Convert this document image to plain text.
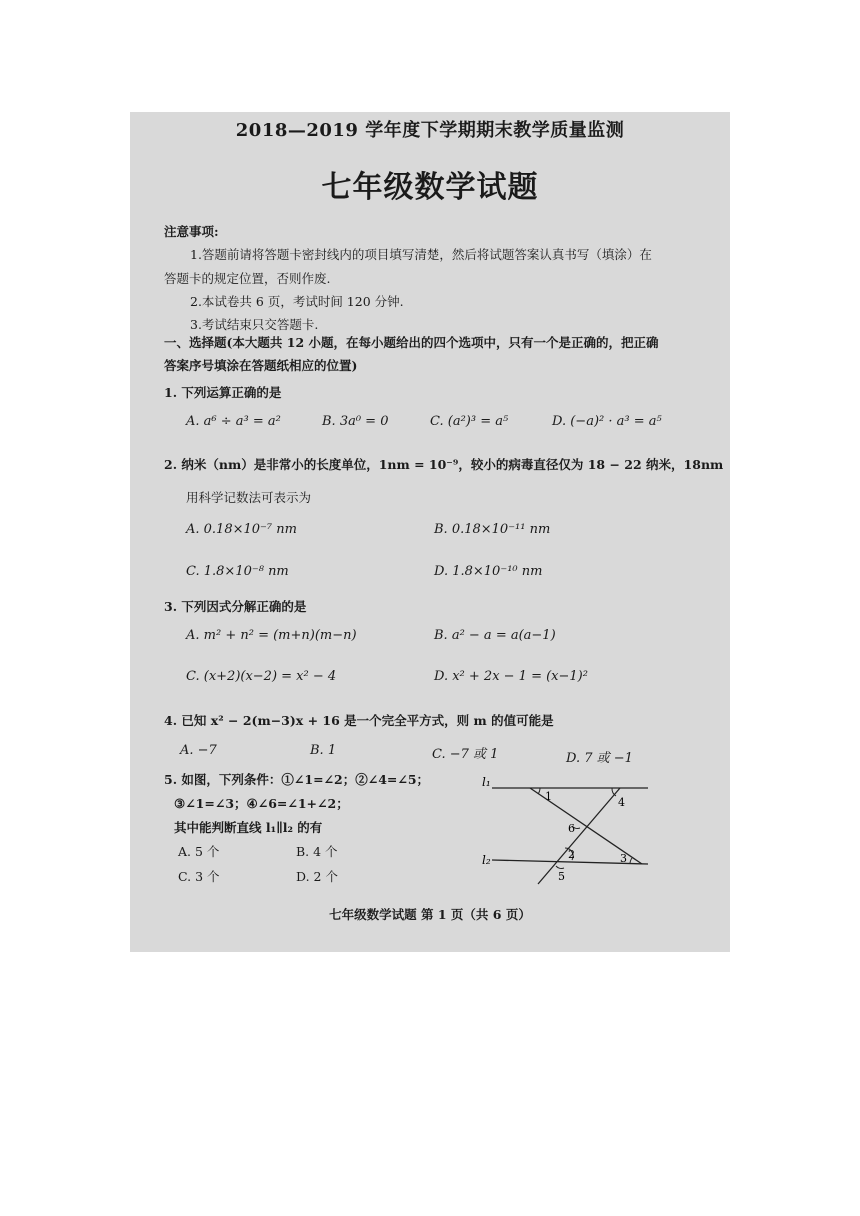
2018—2019 学年度下学期期末教学质量监测
七年级数学试题
注意事项:
1.答题前请将答题卡密封线内的项目填写清楚，然后将试题答案认真书写（填涂）在
答题卡的规定位置，否则作废.
2.本试卷共 6 页，考试时间 120 分钟.
3.考试结束只交答题卡.
一、选择题(本大题共 12 小题，在每小题给出的四个选项中，只有一个是正确的，把正确
答案序号填涂在答题纸相应的位置)
1. 下列运算正确的是
A. a⁶ ÷ a³ = a²	B. 3a⁰ = 0	C. (a²)³ = a⁵	D. (−a)² · a³ = a⁵
2. 纳米（nm）是非常小的长度单位，1nm = 10⁻⁹，较小的病毒直径仅为 18 − 22 纳米，18nm
用科学记数法可表示为
A. 0.18×10⁻⁷ nm	B. 0.18×10⁻¹¹ nm
C. 1.8×10⁻⁸ nm	D. 1.8×10⁻¹⁰ nm
3. 下列因式分解正确的是
A. m² + n² = (m+n)(m−n)	B. a² − a = a(a−1)
C. (x+2)(x−2) = x² − 4	D. x² + 2x − 1 = (x−1)²
4. 已知 x² − 2(m−3)x + 16 是一个完全平方式，则 m 的值可能是
A. −7	B. 1	C. −7 或 1	D. 7 或 −1
5. 如图，下列条件：①∠1=∠2；②∠4=∠5；
③∠1=∠3；④∠6=∠1+∠2；
其中能判断直线 l₁∥l₂ 的有
A. 5 个	B. 4 个
C. 3 个	D. 2 个
l₁
l₂
1	4
6
2	3
5
七年级数学试题 第 1 页（共 6 页）
